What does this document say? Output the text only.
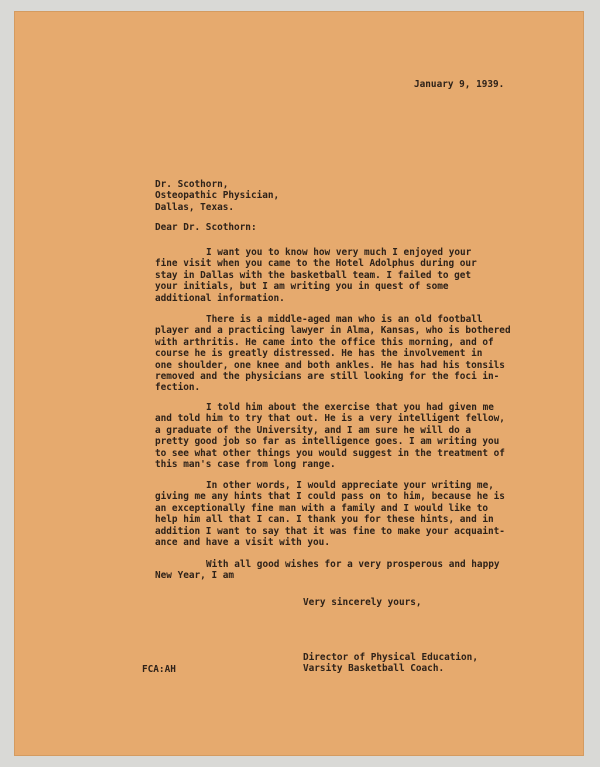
January 9, 1939.
Dr. Scothorn,
Osteopathic Physician,
Dallas, Texas.
Dear Dr. Scothorn:
I want you to know how very much I enjoyed your
fine visit when you came to the Hotel Adolphus during our
stay in Dallas with the basketball team. I failed to get
your initials, but I am writing you in quest of some
additional information.
There is a middle-aged man who is an old football
player and a practicing lawyer in Alma, Kansas, who is bothered
with arthritis. He came into the office this morning, and of
course he is greatly distressed. He has the involvement in
one shoulder, one knee and both ankles. He has had his tonsils
removed and the physicians are still looking for the foci in-
fection.
I told him about the exercise that you had given me
and told him to try that out. He is a very intelligent fellow,
a graduate of the University, and I am sure he will do a
pretty good job so far as intelligence goes. I am writing you
to see what other things you would suggest in the treatment of
this man's case from long range.
In other words, I would appreciate your writing me,
giving me any hints that I could pass on to him, because he is
an exceptionally fine man with a family and I would like to
help him all that I can. I thank you for these hints, and in
addition I want to say that it was fine to make your acquaint-
ance and have a visit with you.
With all good wishes for a very prosperous and happy
New Year, I am
Very sincerely yours,
Director of Physical Education,
Varsity Basketball Coach.
FCA:AH
